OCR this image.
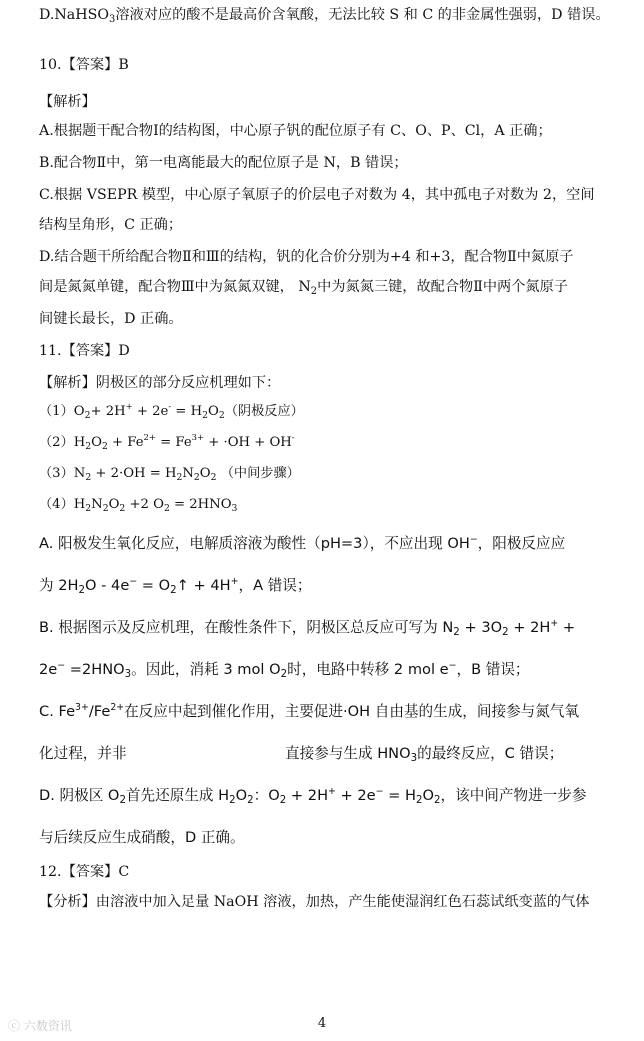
D.NaHSO$_3$溶液对应的酸不是最高价含氧酸，无法比较 S 和 C 的非金属性强弱，D 错误。
10.【答案】B
【解析】
A.根据题干配合物Ⅰ的结构图，中心原子钒的配位原子有 C、O、P、Cl，A 正确；
B.配合物Ⅱ中，第一电离能最大的配位原子是 N，B 错误；
C.根据 VSEPR 模型，中心原子氧原子的价层电子对数为 4，其中孤电子对数为 2，空间
结构呈角形，C 正确；
D.结合题干所给配合物Ⅱ和Ⅲ的结构，钒的化合价分别为+4 和+3，配合物Ⅱ中氮原子
间是氮氮单键，配合物Ⅲ中为氮氮双键， $N_2$中为氮氮三键，故配合物Ⅱ中两个氮原子
间键长最长，D 正确。
11.【答案】D
【解析】阴极区的部分反应机理如下：
$(1)O_2+ 2H^+ + 2e^- = H_2O_2$（阴极反应）
$(2)H_2O_2 + Fe^{2+} = Fe^{3+} + \cdot OH + OH^-$
$(3)N_2 + 2\cdot OH = H_2N_2O_2$ （中间步骤）
$(4)H_2N_2O_2 +2$ $O_2 = 2HNO_3$
A. 阳极发生氧化反应，电解质溶液为酸性（pH=3），不应出现 OH−，阳极反应应
为 $2H_2O - 4e^-$ = $O_2↑ + 4H^+$，A 错误；
B. 根据图示及反应机理，在酸性条件下，阴极区总反应可写为 $N_2 + 3O_2 + 2H^+$ +
$2e^- =2HNO_3$。因此，消耗 3 mol $O_2$时，电路中转移 2 mol e−，B 错误；
C. $Fe^{3+}/Fe^{2+}$在反应中起到催化作用，主要促进·OH 自由基的生成，间接参与氮气氧
化过程，并非	直接参与生成 $HNO_3$的最终反应，C 错误；
D. 阴极区 $O_2$首先还原生成 $H_2O_2$：$O_2 + 2H^+ + 2e^- = H_2O_2$，该中间产物进一步参
与后续反应生成硝酸，D 正确。
12.【答案】C
【分析】由溶液中加入足量 NaOH 溶液，加热，产生能使湿润红色石蕊试纸变蓝的气体
ⓒ 六数资讯	4
